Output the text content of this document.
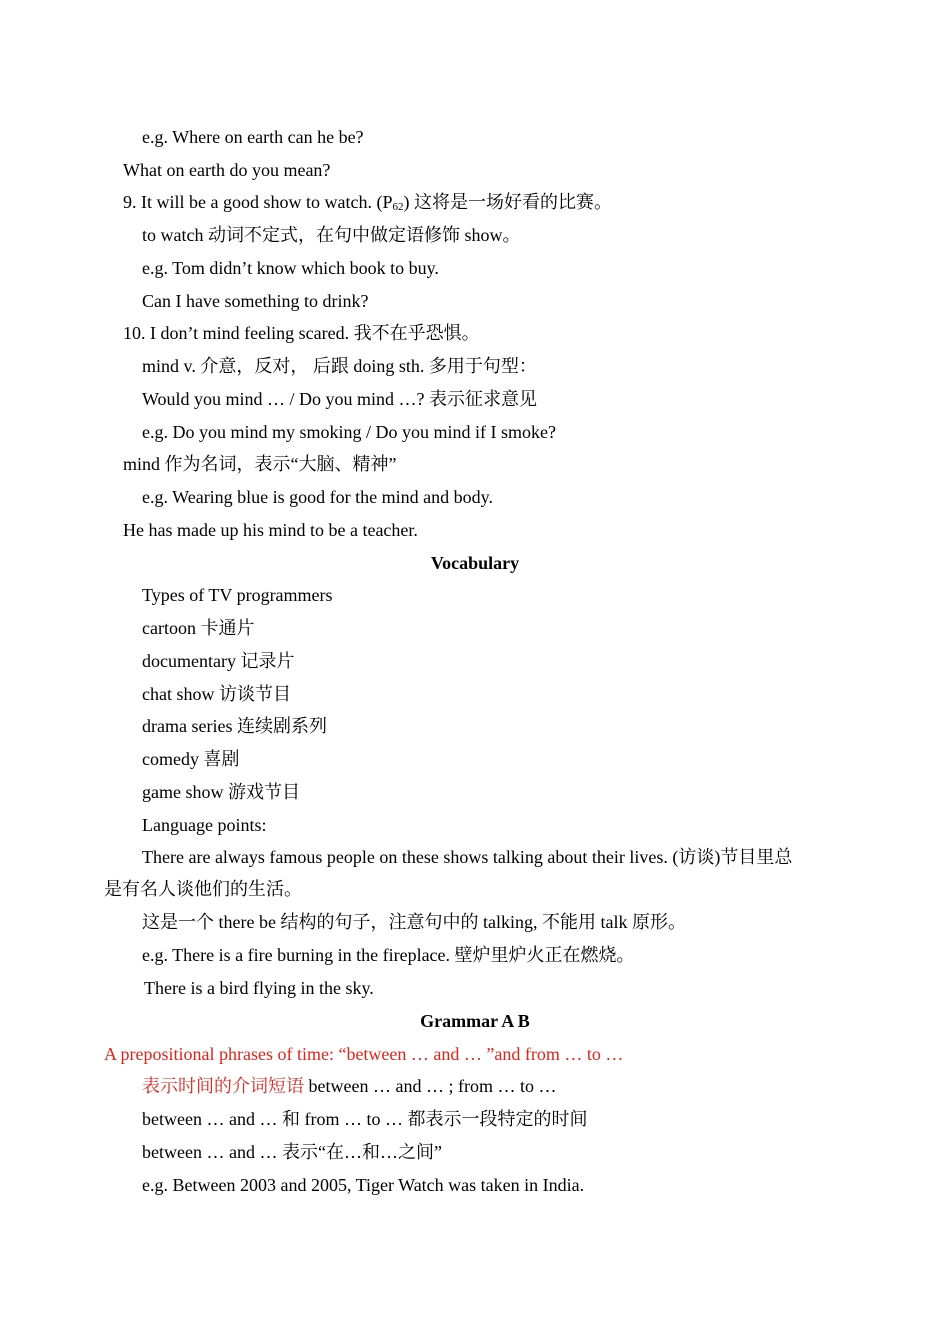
e.g. Where on earth can he be?
What on earth do you mean?
9. It will be a good show to watch. $(P_{62})$ 这将是一场好看的比赛。
to watch 动词不定式，在句中做定语修饰 show。
e.g. Tom didn’t know which book to buy.
Can I have something to drink?
10. I don’t mind feeling scared. 我不在乎恐惧。
mind v. 介意，反对， 后跟 doing sth. 多用于句型：
Would you mind … / Do you mind …? 表示征求意见
e.g. Do you mind my smoking / Do you mind if I smoke?
mind 作为名词，表示“大脑、精神”
e.g. Wearing blue is good for the mind and body.
He has made up his mind to be a teacher.
Vocabulary
Types of TV programmers
cartoon 卡通片
documentary 记录片
chat show 访谈节目
drama series 连续剧系列
comedy 喜剧
game show 游戏节目
Language points:
There are always famous people on these shows talking about their lives. (访谈)节目里总
是有名人谈他们的生活。
这是一个 there be 结构的句子，注意句中的 talking, 不能用 talk 原形。
e.g. There is a fire burning in the fireplace. 壁炉里炉火正在燃烧。
There is a bird flying in the sky.
Grammar A B
A prepositional phrases of time: “between … and … ”and from … to …
表示时间的介词短语 between … and … ; from … to …
between … and … 和 from … to … 都表示一段特定的时间
between … and … 表示“在…和…之间”
e.g. Between 2003 and 2005, Tiger Watch was taken in India.
